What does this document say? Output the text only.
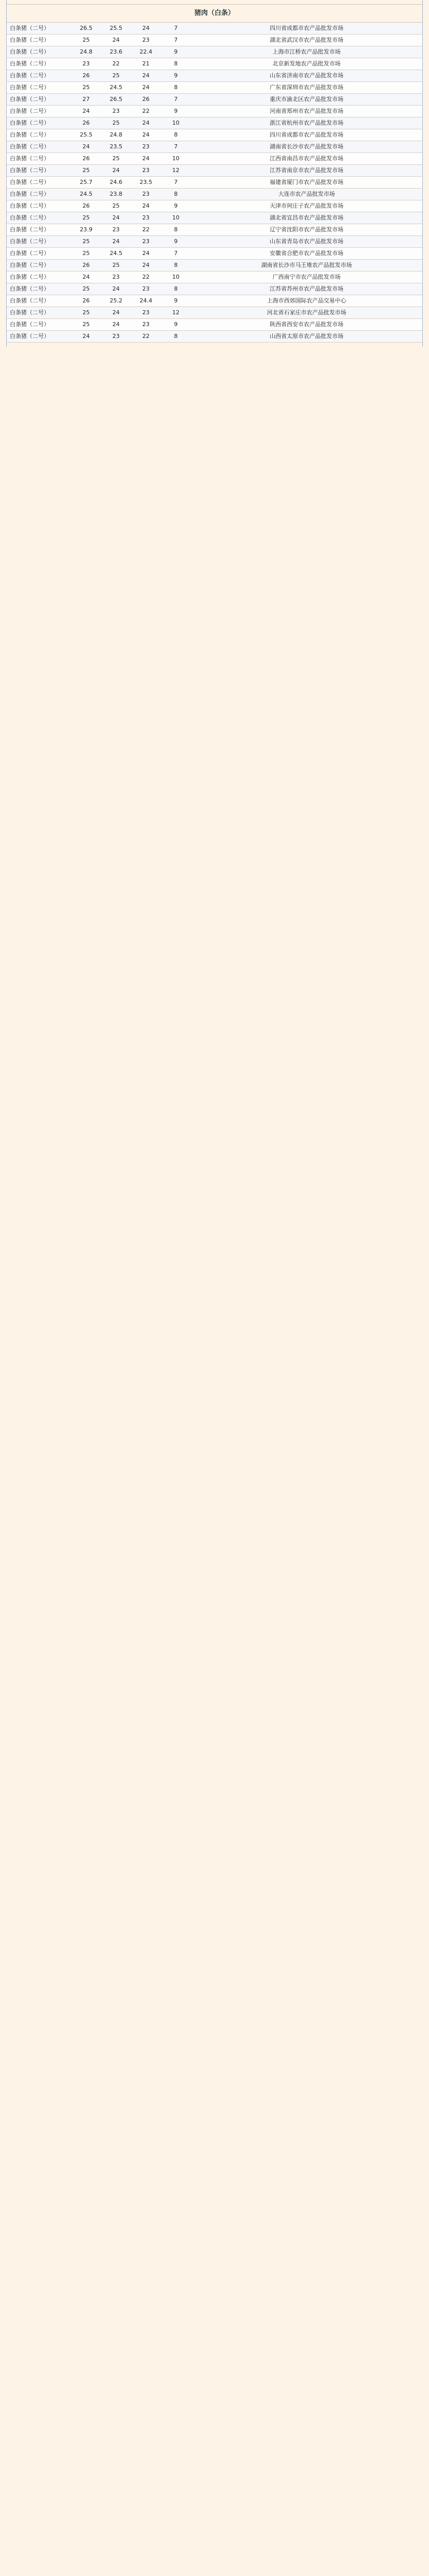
猪肉（白条）
白条猪（二号）	26.5	25.5	24	7	四川省成都市农产品批发市场
白条猪（二号）	25	24	23	7	湖北省武汉市农产品批发市场
白条猪（二号）	24.8	23.6	22.4	9	上海市江桥农产品批发市场
白条猪（二号）	23	22	21	8	北京新发地农产品批发市场
白条猪（二号）	26	25	24	9	山东省济南市农产品批发市场
白条猪（二号）	25	24.5	24	8	广东省深圳市农产品批发市场
白条猪（二号）	27	26.5	26	7	重庆市渝北区农产品批发市场
白条猪（二号）	24	23	22	9	河南省郑州市农产品批发市场
白条猪（二号）	26	25	24	10	浙江省杭州市农产品批发市场
白条猪（二号）	25.5	24.8	24	8	四川省成都市农产品批发市场
白条猪（二号）	24	23.5	23	7	湖南省长沙市农产品批发市场
白条猪（二号）	26	25	24	10	江西省南昌市农产品批发市场
白条猪（二号）	25	24	23	12	江苏省南京市农产品批发市场
白条猪（二号）	25.7	24.6	23.5	7	福建省厦门市农产品批发市场
白条猪（二号）	24.5	23.8	23	8	大连市农产品批发市场
白条猪（二号）	26	25	24	9	天津市何庄子农产品批发市场
白条猪（二号）	25	24	23	10	湖北省宜昌市农产品批发市场
白条猪（二号）	23.9	23	22	8	辽宁省沈阳市农产品批发市场
白条猪（二号）	25	24	23	9	山东省青岛市农产品批发市场
白条猪（二号）	25	24.5	24	7	安徽省合肥市农产品批发市场
白条猪（二号）	26	25	24	8	湖南省长沙市马王堆农产品批发市场
白条猪（二号）	24	23	22	10	广西南宁市农产品批发市场
白条猪（二号）	25	24	23	8	江苏省苏州市农产品批发市场
白条猪（二号）	26	25.2	24.4	9	上海市西郊国际农产品交易中心
白条猪（二号）	25	24	23	12	河北省石家庄市农产品批发市场
白条猪（二号）	25	24	23	9	陕西省西安市农产品批发市场
白条猪（二号）	24	23	22	8	山西省太原市农产品批发市场
